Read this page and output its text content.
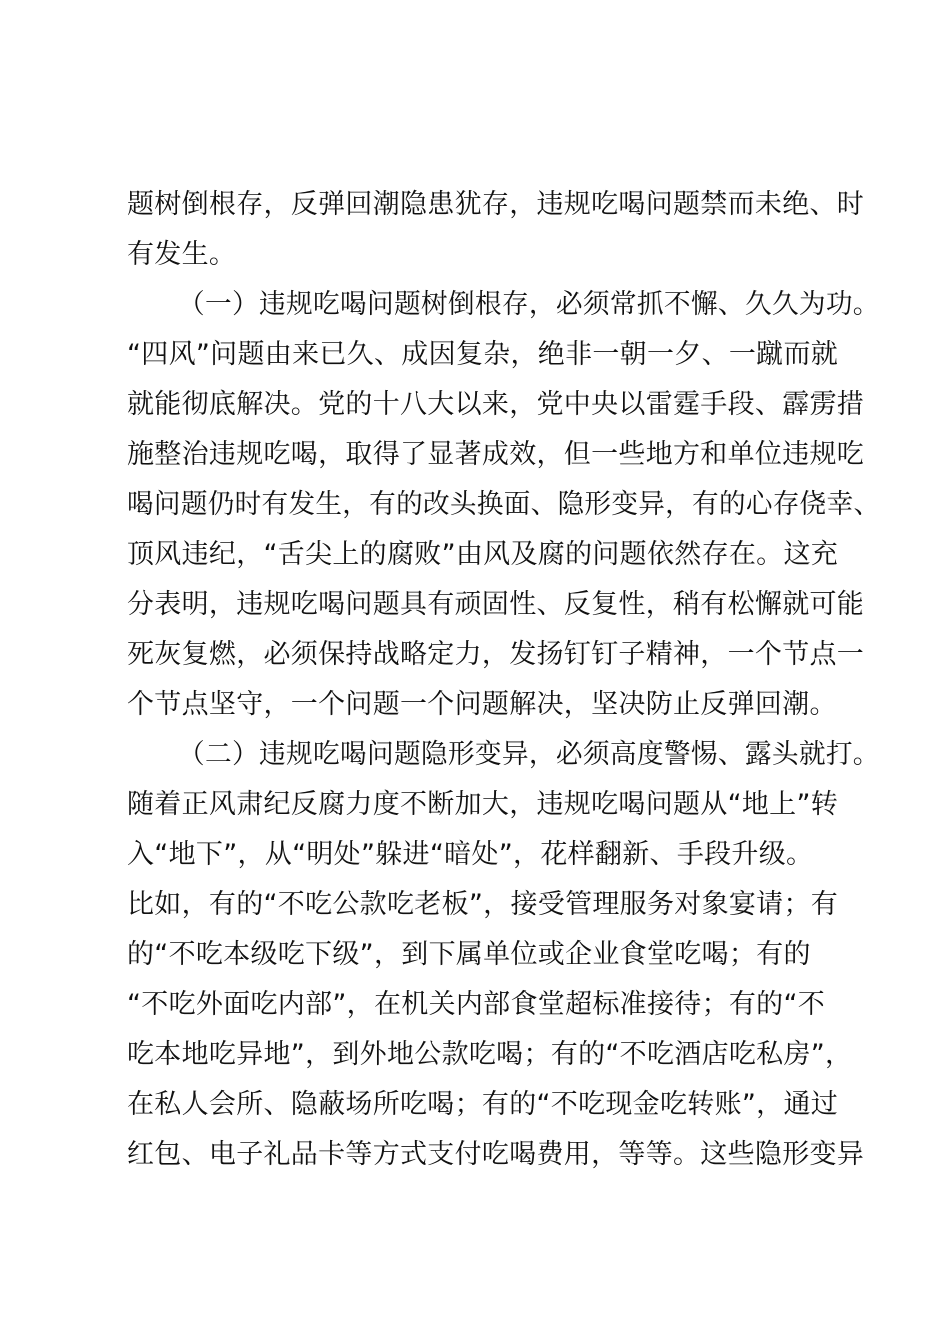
题树倒根存，反弹回潮隐患犹存，违规吃喝问题禁而未绝、时
有发生。
（一）违规吃喝问题树倒根存，必须常抓不懈、久久为功。
“四风”问题由来已久、成因复杂，绝非一朝一夕、一蹴而就
就能彻底解决。党的十八大以来，党中央以雷霆手段、霹雳措
施整治违规吃喝，取得了显著成效，但一些地方和单位违规吃
喝问题仍时有发生，有的改头换面、隐形变异，有的心存侥幸、
顶风违纪，“舌尖上的腐败”由风及腐的问题依然存在。这充
分表明，违规吃喝问题具有顽固性、反复性，稍有松懈就可能
死灰复燃，必须保持战略定力，发扬钉钉子精神，一个节点一
个节点坚守，一个问题一个问题解决，坚决防止反弹回潮。
（二）违规吃喝问题隐形变异，必须高度警惕、露头就打。
随着正风肃纪反腐力度不断加大，违规吃喝问题从“地上”转
入“地下”，从“明处”躲进“暗处”，花样翻新、手段升级。
比如，有的“不吃公款吃老板”，接受管理服务对象宴请；有
的“不吃本级吃下级”，到下属单位或企业食堂吃喝；有的
“不吃外面吃内部”，在机关内部食堂超标准接待；有的“不
吃本地吃异地”，到外地公款吃喝；有的“不吃酒店吃私房”，
在私人会所、隐蔽场所吃喝；有的“不吃现金吃转账”，通过
红包、电子礼品卡等方式支付吃喝费用，等等。这些隐形变异
